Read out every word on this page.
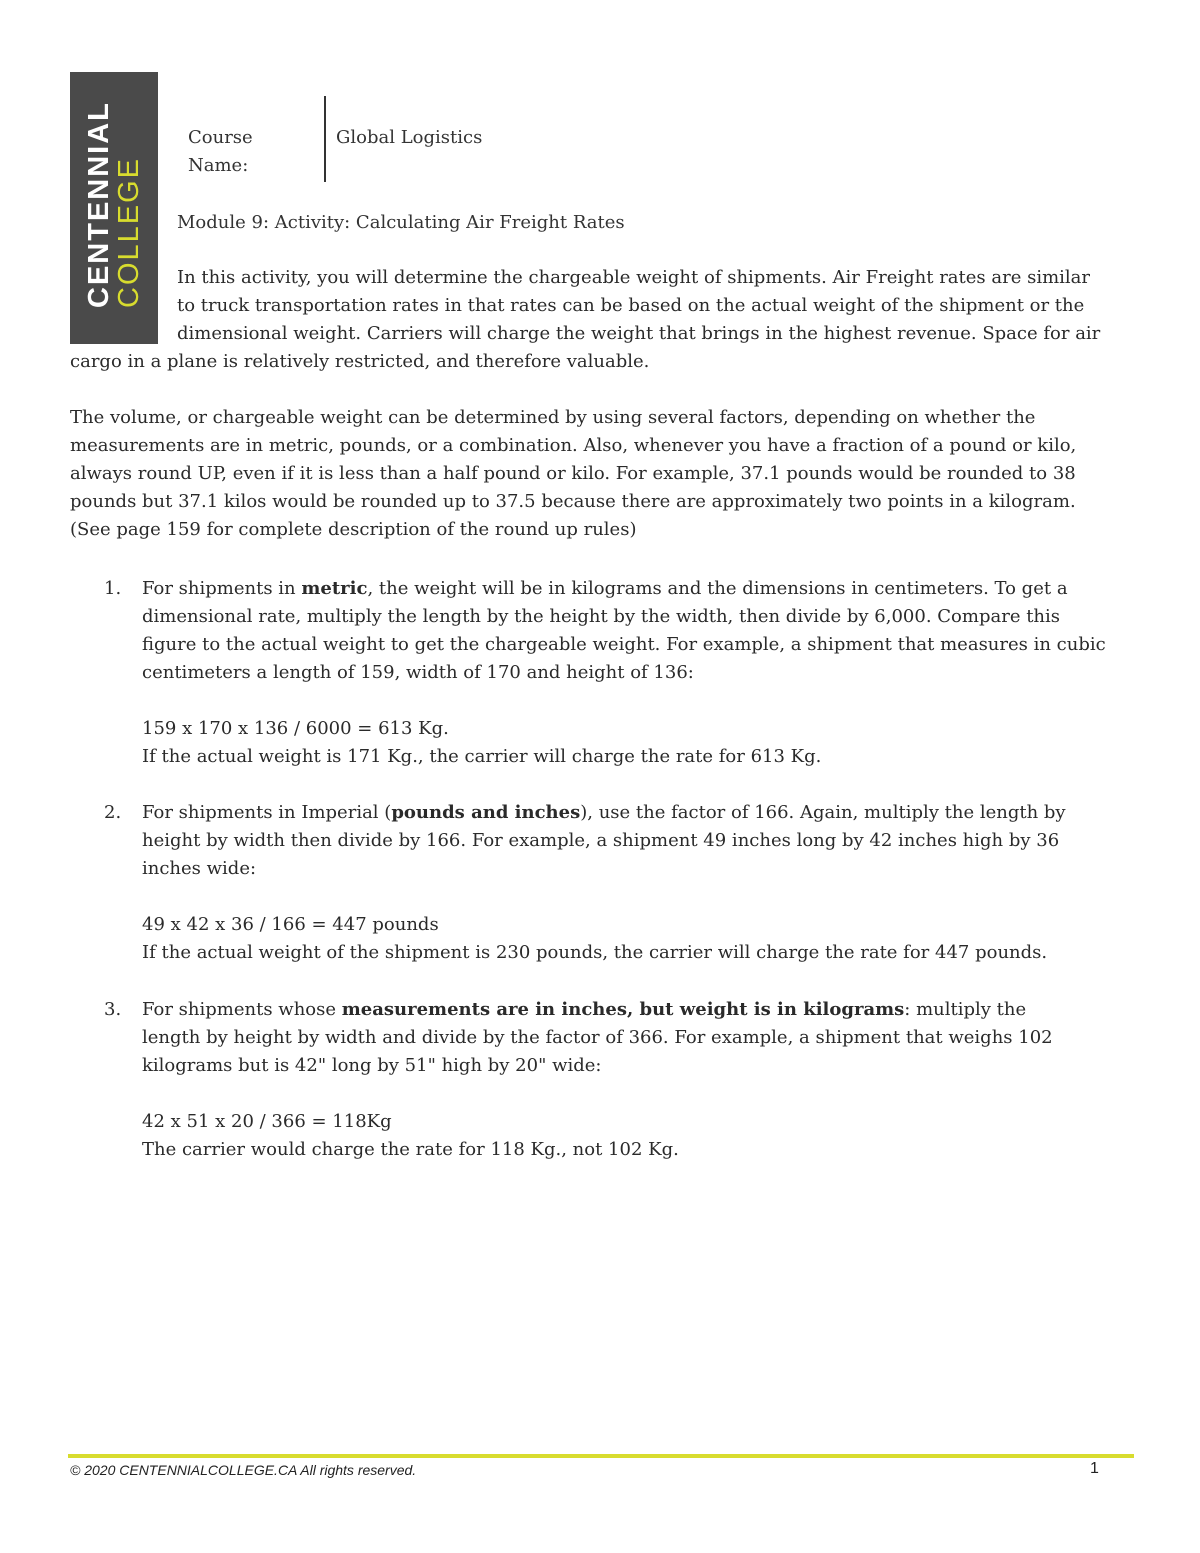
CENTENNIAL
COLLEGE
Course
Name:
Global Logistics
Module 9: Activity: Calculating Air Freight Rates
In this activity, you will determine the chargeable weight of shipments. Air Freight rates are similar
to truck transportation rates in that rates can be based on the actual weight of the shipment or the
dimensional weight. Carriers will charge the weight that brings in the highest revenue. Space for air
cargo in a plane is relatively restricted, and therefore valuable.
The volume, or chargeable weight can be determined by using several factors, depending on whether the
measurements are in metric, pounds, or a combination. Also, whenever you have a fraction of a pound or kilo,
always round UP, even if it is less than a half pound or kilo. For example, 37.1 pounds would be rounded to 38
pounds but 37.1 kilos would be rounded up to 37.5 because there are approximately two points in a kilogram.
(See page 159 for complete description of the round up rules)
1. For shipments in metric, the weight will be in kilograms and the dimensions in centimeters. To get a
dimensional rate, multiply the length by the height by the width, then divide by 6,000. Compare this
figure to the actual weight to get the chargeable weight. For example, a shipment that measures in cubic
centimeters a length of 159, width of 170 and height of 136:
159 x 170 x 136 / 6000 = 613 Kg.
If the actual weight is 171 Kg., the carrier will charge the rate for 613 Kg.
2. For shipments in Imperial (pounds and inches), use the factor of 166. Again, multiply the length by
height by width then divide by 166. For example, a shipment 49 inches long by 42 inches high by 36
inches wide:
49 x 42 x 36 / 166 = 447 pounds
If the actual weight of the shipment is 230 pounds, the carrier will charge the rate for 447 pounds.
3. For shipments whose measurements are in inches, but weight is in kilograms: multiply the
length by height by width and divide by the factor of 366. For example, a shipment that weighs 102
kilograms but is 42" long by 51" high by 20" wide:
42 x 51 x 20 / 366 = 118Kg
The carrier would charge the rate for 118 Kg., not 102 Kg.
© 2020 CENTENNIALCOLLEGE.CA All rights reserved.	1
